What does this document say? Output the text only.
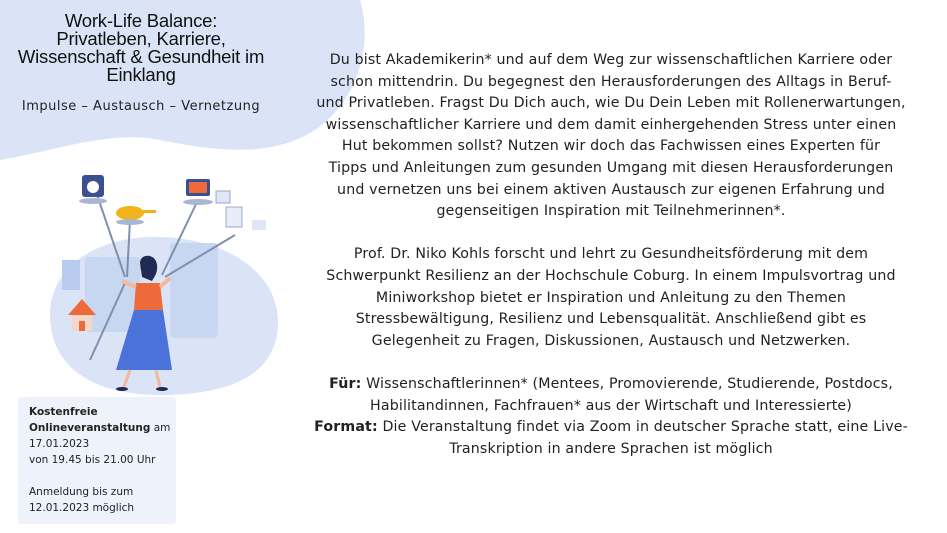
Work-Life Balance:
Privatleben, Karriere,
Wissenschaft & Gesundheit im
Einklang
Impulse – Austausch – Vernetzung
Kostenfreie
Onlineveranstaltung am
17.01.2023
von 19.45 bis 21.00 Uhr
Anmeldung bis zum
12.01.2023 möglich
Du bist Akademikerin* und auf dem Weg zur wissenschaftlichen Karriere oder
schon mittendrin. Du begegnest den Herausforderungen des Alltags in Beruf-
und Privatleben. Fragst Du Dich auch, wie Du Dein Leben mit Rollenerwartungen,
wissenschaftlicher Karriere und dem damit einhergehenden Stress unter einen
Hut bekommen sollst? Nutzen wir doch das Fachwissen eines Experten für
Tipps und Anleitungen zum gesunden Umgang mit diesen Herausforderungen
und vernetzen uns bei einem aktiven Austausch zur eigenen Erfahrung und
gegenseitigen Inspiration mit Teilnehmerinnen*.
Prof. Dr. Niko Kohls forscht und lehrt zu Gesundheitsförderung mit dem
Schwerpunkt Resilienz an der Hochschule Coburg. In einem Impulsvortrag und
Miniworkshop bietet er Inspiration und Anleitung zu den Themen
Stressbewältigung, Resilienz und Lebensqualität. Anschließend gibt es
Gelegenheit zu Fragen, Diskussionen, Austausch und Netzwerken.
Für: Wissenschaftlerinnen* (Mentees, Promovierende, Studierende, Postdocs,
Habilitandinnen, Fachfrauen* aus der Wirtschaft und Interessierte)
Format: Die Veranstaltung findet via Zoom in deutscher Sprache statt, eine Live-
Transkription in andere Sprachen ist möglich
